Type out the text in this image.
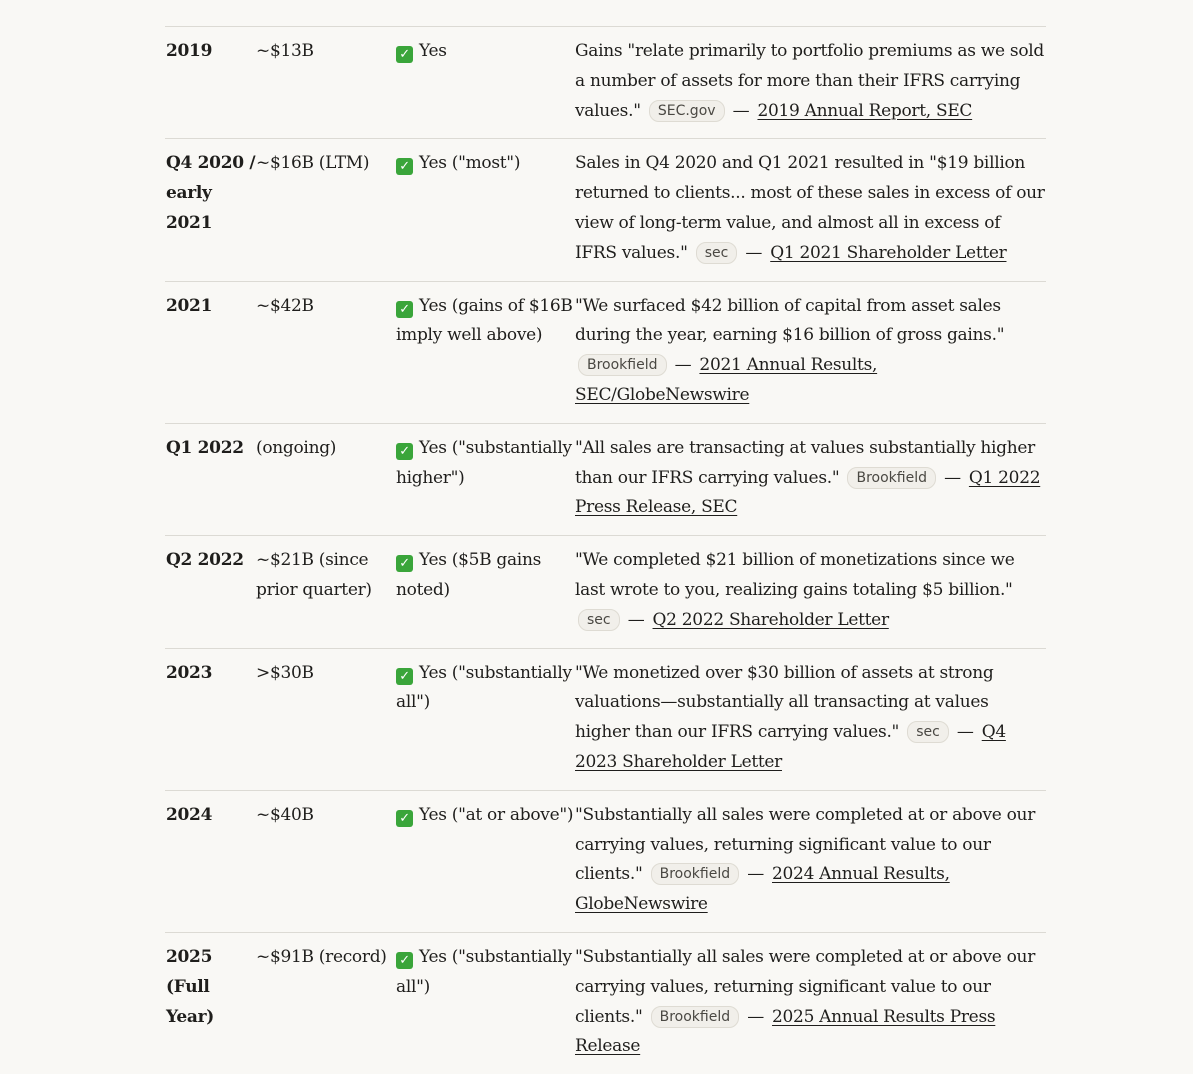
2019	~$13B	✓ Yes	Gains "relate primarily to portfolio premiums as we sold a number of assets for more than their IFRS carrying values." SEC.gov — 2019 Annual Report, SEC
Q4 2020 / early 2021	~$16B (LTM)	✓ Yes ("most")	Sales in Q4 2020 and Q1 2021 resulted in "$19 billion returned to clients... most of these sales in excess of our view of long-term value, and almost all in excess of IFRS values." sec — Q1 2021 Shareholder Letter
2021	~$42B	✓ Yes (gains of $16B imply well above)	"We surfaced $42 billion of capital from asset sales during the year, earning $16 billion of gross gains." Brookfield — 2021 Annual Results, SEC/GlobeNewswire
Q1 2022	(ongoing)	✓ Yes ("substantially higher")	"All sales are transacting at values substantially higher than our IFRS carrying values." Brookfield — Q1 2022 Press Release, SEC
Q2 2022	~$21B (since prior quarter)	✓ Yes ($5B gains noted)	"We completed $21 billion of monetizations since we last wrote to you, realizing gains totaling $5 billion." sec — Q2 2022 Shareholder Letter
2023	>$30B	✓ Yes ("substantially all")	"We monetized over $30 billion of assets at strong valuations—substantially all transacting at values higher than our IFRS carrying values." sec — Q4 2023 Shareholder Letter
2024	~$40B	✓ Yes ("at or above")	"Substantially all sales were completed at or above our carrying values, returning significant value to our clients." Brookfield — 2024 Annual Results, GlobeNewswire
2025 (Full Year)	~$91B (record)	✓ Yes ("substantially all")	"Substantially all sales were completed at or above our carrying values, returning significant value to our clients." Brookfield — 2025 Annual Results Press Release
